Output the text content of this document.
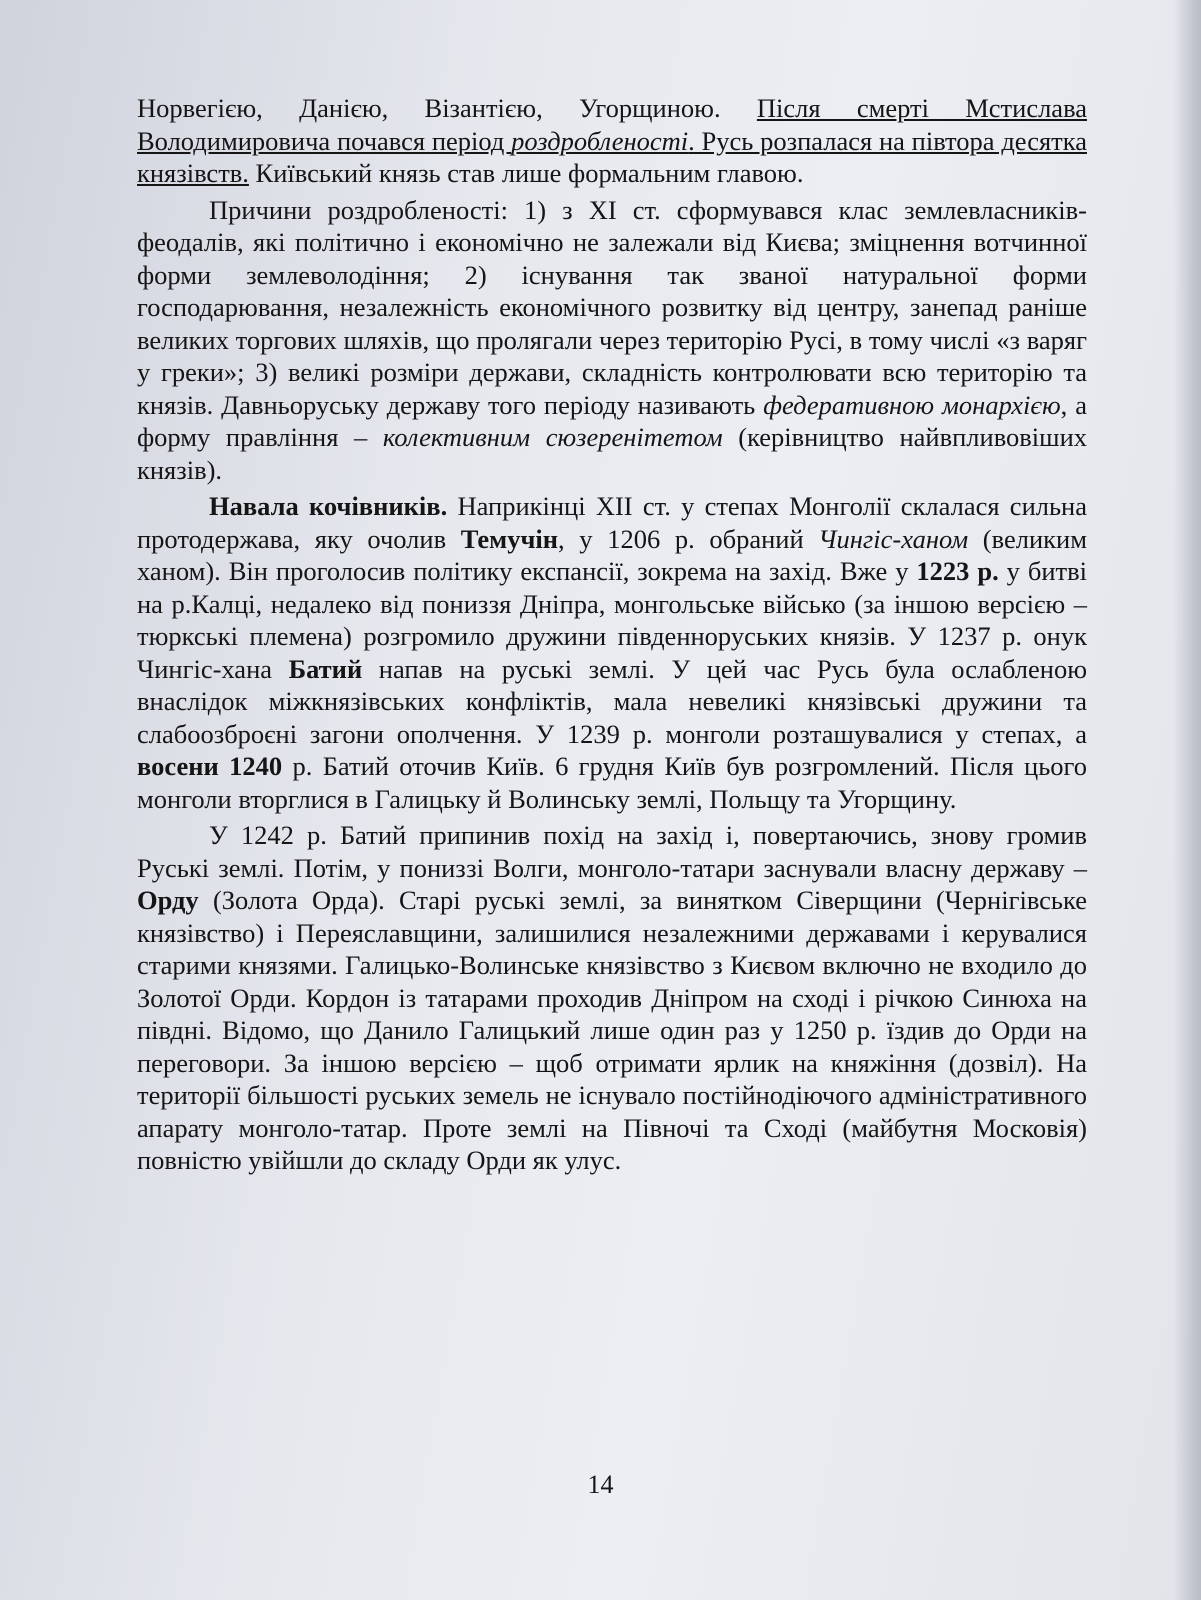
Норвегією, Данією, Візантією, Угорщиною. Після смерті Мстислава Володимировича почався період роздробленості. Русь розпалася на півтора десятка князівств. Київський князь став лише формальним главою.

Причини роздробленості: 1) з XI ст. сформувався клас землевласників-феодалів, які політично і економічно не залежали від Києва; зміцнення вотчинної форми землеволодіння; 2) існування так званої натуральної форми господарювання, незалежність економічного розвитку від центру, занепад раніше великих торгових шляхів, що пролягали через територію Русі, в тому числі «з варяг у греки»; 3) великі розміри держави, складність контролювати всю територію та князів. Давньоруську державу того періоду називають федеративною монархією, а форму правління – колективним сюзеренітетом (керівництво найвпливовіших князів).

Навала кочівників. Наприкінці XII ст. у степах Монголії склалася сильна протодержава, яку очолив Темучін, у 1206 р. обраний Чингіс-ханом (великим ханом). Він проголосив політику експансії, зокрема на захід. Вже у 1223 р. у битві на р.Калці, недалеко від пониззя Дніпра, монгольське військо (за іншою версією – тюркські племена) розгромило дружини південноруських князів. У 1237 р. онук Чингіс-хана Батий напав на руські землі. У цей час Русь була ослабленою внаслідок міжкнязівських конфліктів, мала невеликі князівські дружини та слабоозброєні загони ополчення. У 1239 р. монголи розташувалися у степах, а восени 1240 р. Батий оточив Київ. 6 грудня Київ був розгромлений. Після цього монголи вторглися в Галицьку й Волинську землі, Польщу та Угорщину.

У 1242 р. Батий припинив похід на захід і, повертаючись, знову громив Руські землі. Потім, у пониззі Волги, монголо-татари заснували власну державу – Орду (Золота Орда). Старі руські землі, за винятком Сіверщини (Чернігівське князівство) і Переяславщини, залишилися незалежними державами і керувалися старими князями. Галицько-Волинське князівство з Києвом включно не входило до Золотої Орди. Кордон із татарами проходив Дніпром на сході і річкою Синюха на півдні. Відомо, що Данило Галицький лише один раз у 1250 р. їздив до Орди на переговори. За іншою версією – щоб отримати ярлик на княжіння (дозвіл). На території більшості руських земель не існувало постійнодіючого адміністративного апарату монголо-татар. Проте землі на Півночі та Сході (майбутня Московія) повністю увійшли до складу Орди як улус.

14
